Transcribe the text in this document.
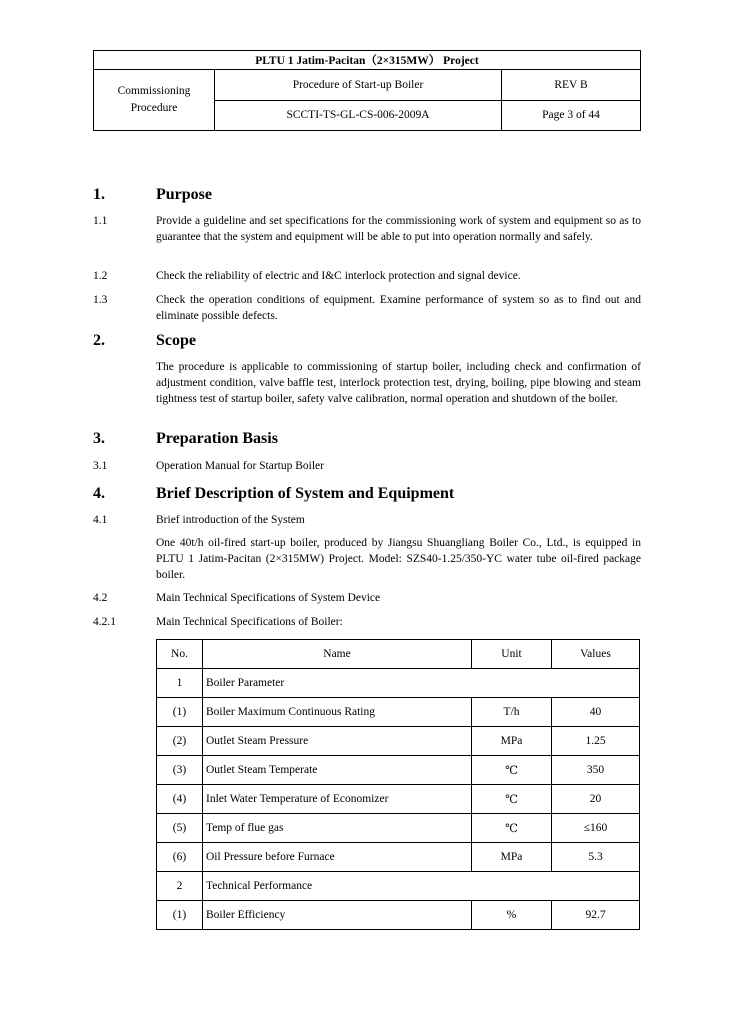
PLTU 1 Jatim-Pacitan（2×315MW） Project		

Commissioning
Procedure	Procedure of Start-up Boiler	REV B
	SCCTI-TS-GL-CS-006-2009A	Page 3 of 44
1.	Purpose
1.1	Provide a guideline and set specifications for the commissioning work of system and equipment so as to guarantee that the system and equipment will be able to put into operation normally and safely.
1.2	Check the reliability of electric and I&C interlock protection and signal device.
1.3	Check the operation conditions of equipment. Examine performance of system so as to find out and eliminate possible defects.
2.	Scope
The procedure is applicable to commissioning of startup boiler, including check and confirmation of adjustment condition, valve baffle test, interlock protection test, drying, boiling, pipe blowing and steam tightness test of startup boiler, safety valve calibration, normal operation and shutdown of the boiler.
3.	Preparation Basis
3.1	Operation Manual for Startup Boiler
4.	Brief Description of System and Equipment
4.1	Brief introduction of the System
One 40t/h oil-fired start-up boiler, produced by Jiangsu Shuangliang Boiler Co., Ltd., is equipped in PLTU 1 Jatim-Pacitan (2×315MW) Project. Model: SZS40-1.25/350-YC water tube oil-fired package boiler.
4.2	Main Technical Specifications of System Device
4.2.1	Main Technical Specifications of Boiler:
No.	Name	Unit	Values
1	Boiler Parameter		
(1)	Boiler Maximum Continuous Rating	T/h	40
(2)	Outlet Steam Pressure	MPa	1.25
(3)	Outlet Steam Temperate	℃	350
(4)	Inlet Water Temperature of Economizer	℃	20
(5)	Temp of flue gas	℃	≤160
(6)	Oil Pressure before Furnace	MPa	5.3
2	Technical Performance		
(1)	Boiler Efficiency	%	92.7
